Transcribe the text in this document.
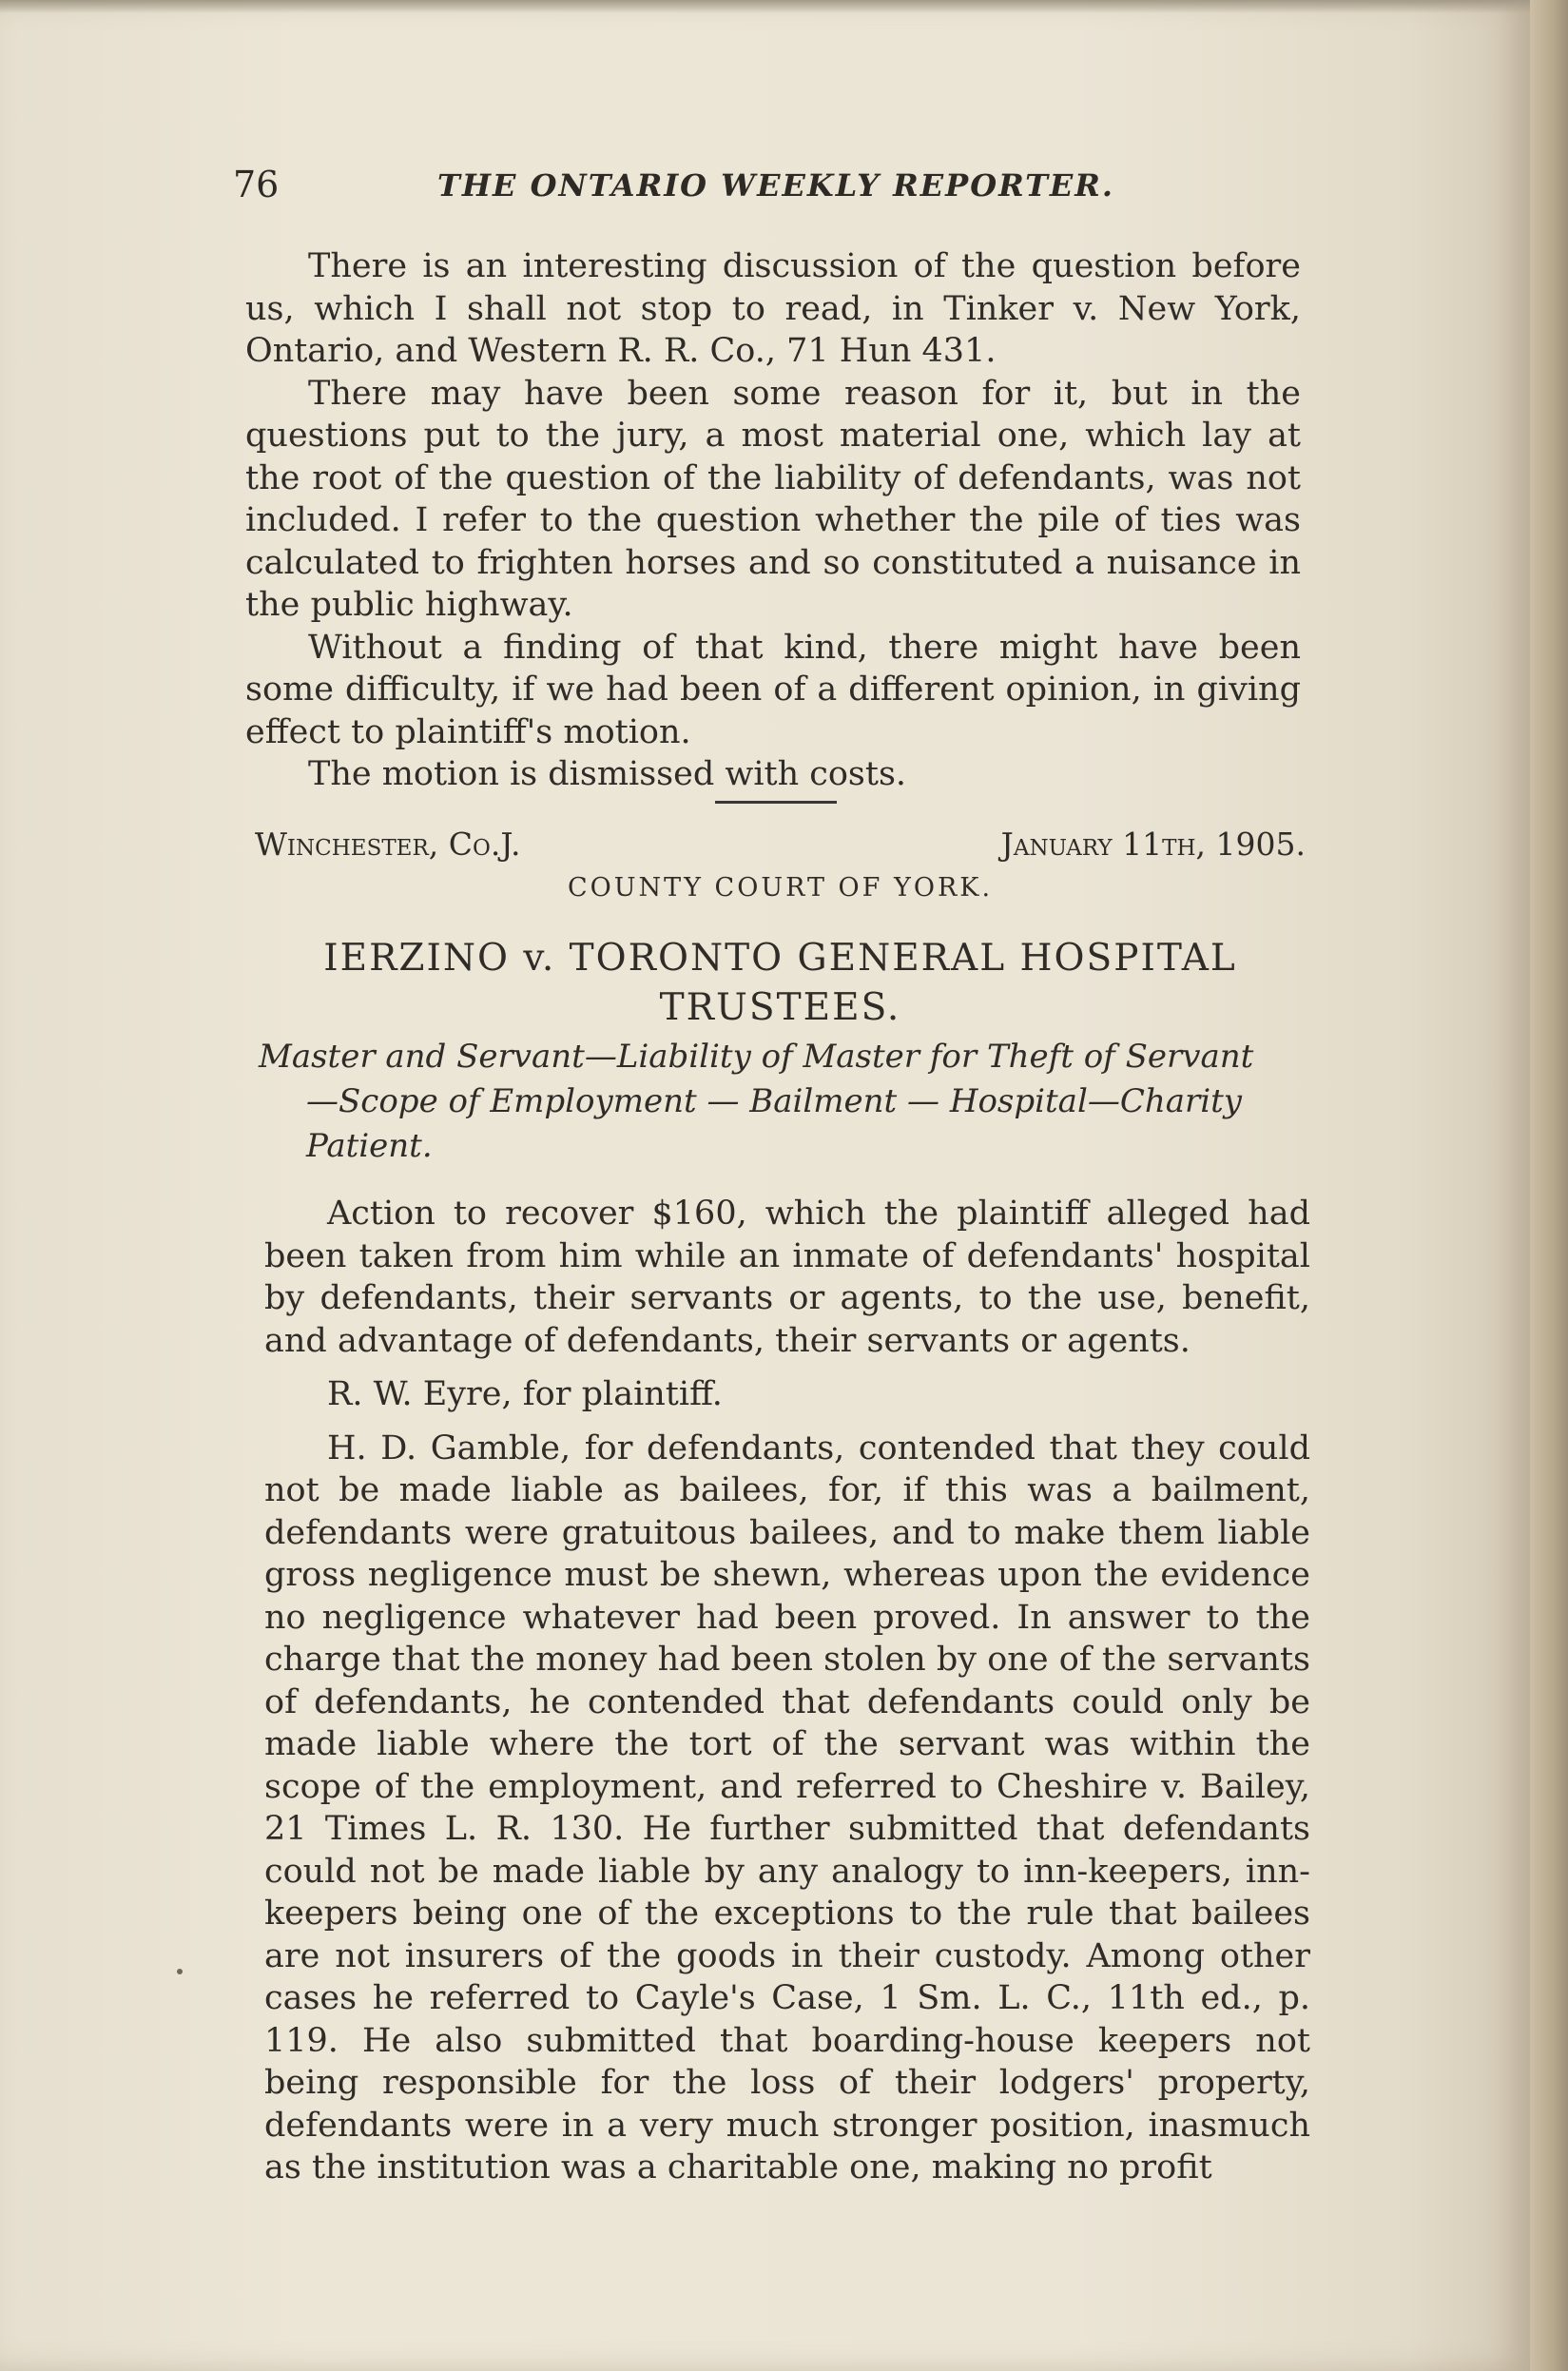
76	THE ONTARIO WEEKLY REPORTER.

There is an interesting discussion of the question before us, which I shall not stop to read, in Tinker v. New York, Ontario, and Western R. R. Co., 71 Hun 431.

There may have been some reason for it, but in the questions put to the jury, a most material one, which lay at the root of the question of the liability of defendants, was not included. I refer to the question whether the pile of ties was calculated to frighten horses and so constituted a nuisance in the public highway.

Without a finding of that kind, there might have been some difficulty, if we had been of a different opinion, in giving effect to plaintiff's motion.

The motion is dismissed with costs.

Winchester, Co.J.	January 11th, 1905.
COUNTY COURT OF YORK.
IERZINO v. TORONTO GENERAL HOSPITAL
TRUSTEES.
Master and Servant—Liability of Master for Theft of Servant
—Scope of Employment — Bailment — Hospital—Charity
Patient.

Action to recover $160, which the plaintiff alleged had been taken from him while an inmate of defendants' hospital by defendants, their servants or agents, to the use, benefit, and advantage of defendants, their servants or agents.

R. W. Eyre, for plaintiff.

H. D. Gamble, for defendants, contended that they could not be made liable as bailees, for, if this was a bailment, defendants were gratuitous bailees, and to make them liable gross negligence must be shewn, whereas upon the evidence no negligence whatever had been proved. In answer to the charge that the money had been stolen by one of the servants of defendants, he contended that defendants could only be made liable where the tort of the servant was within the scope of the employment, and referred to Cheshire v. Bailey, 21 Times L. R. 130. He further submitted that defendants could not be made liable by any analogy to inn-keepers, inn-keepers being one of the exceptions to the rule that bailees are not insurers of the goods in their custody. Among other cases he referred to Cayle's Case, 1 Sm. L. C., 11th ed., p. 119. He also submitted that boarding-house keepers not being responsible for the loss of their lodgers' property, defendants were in a very much stronger position, inasmuch as the institution was a charitable one, making no profit
